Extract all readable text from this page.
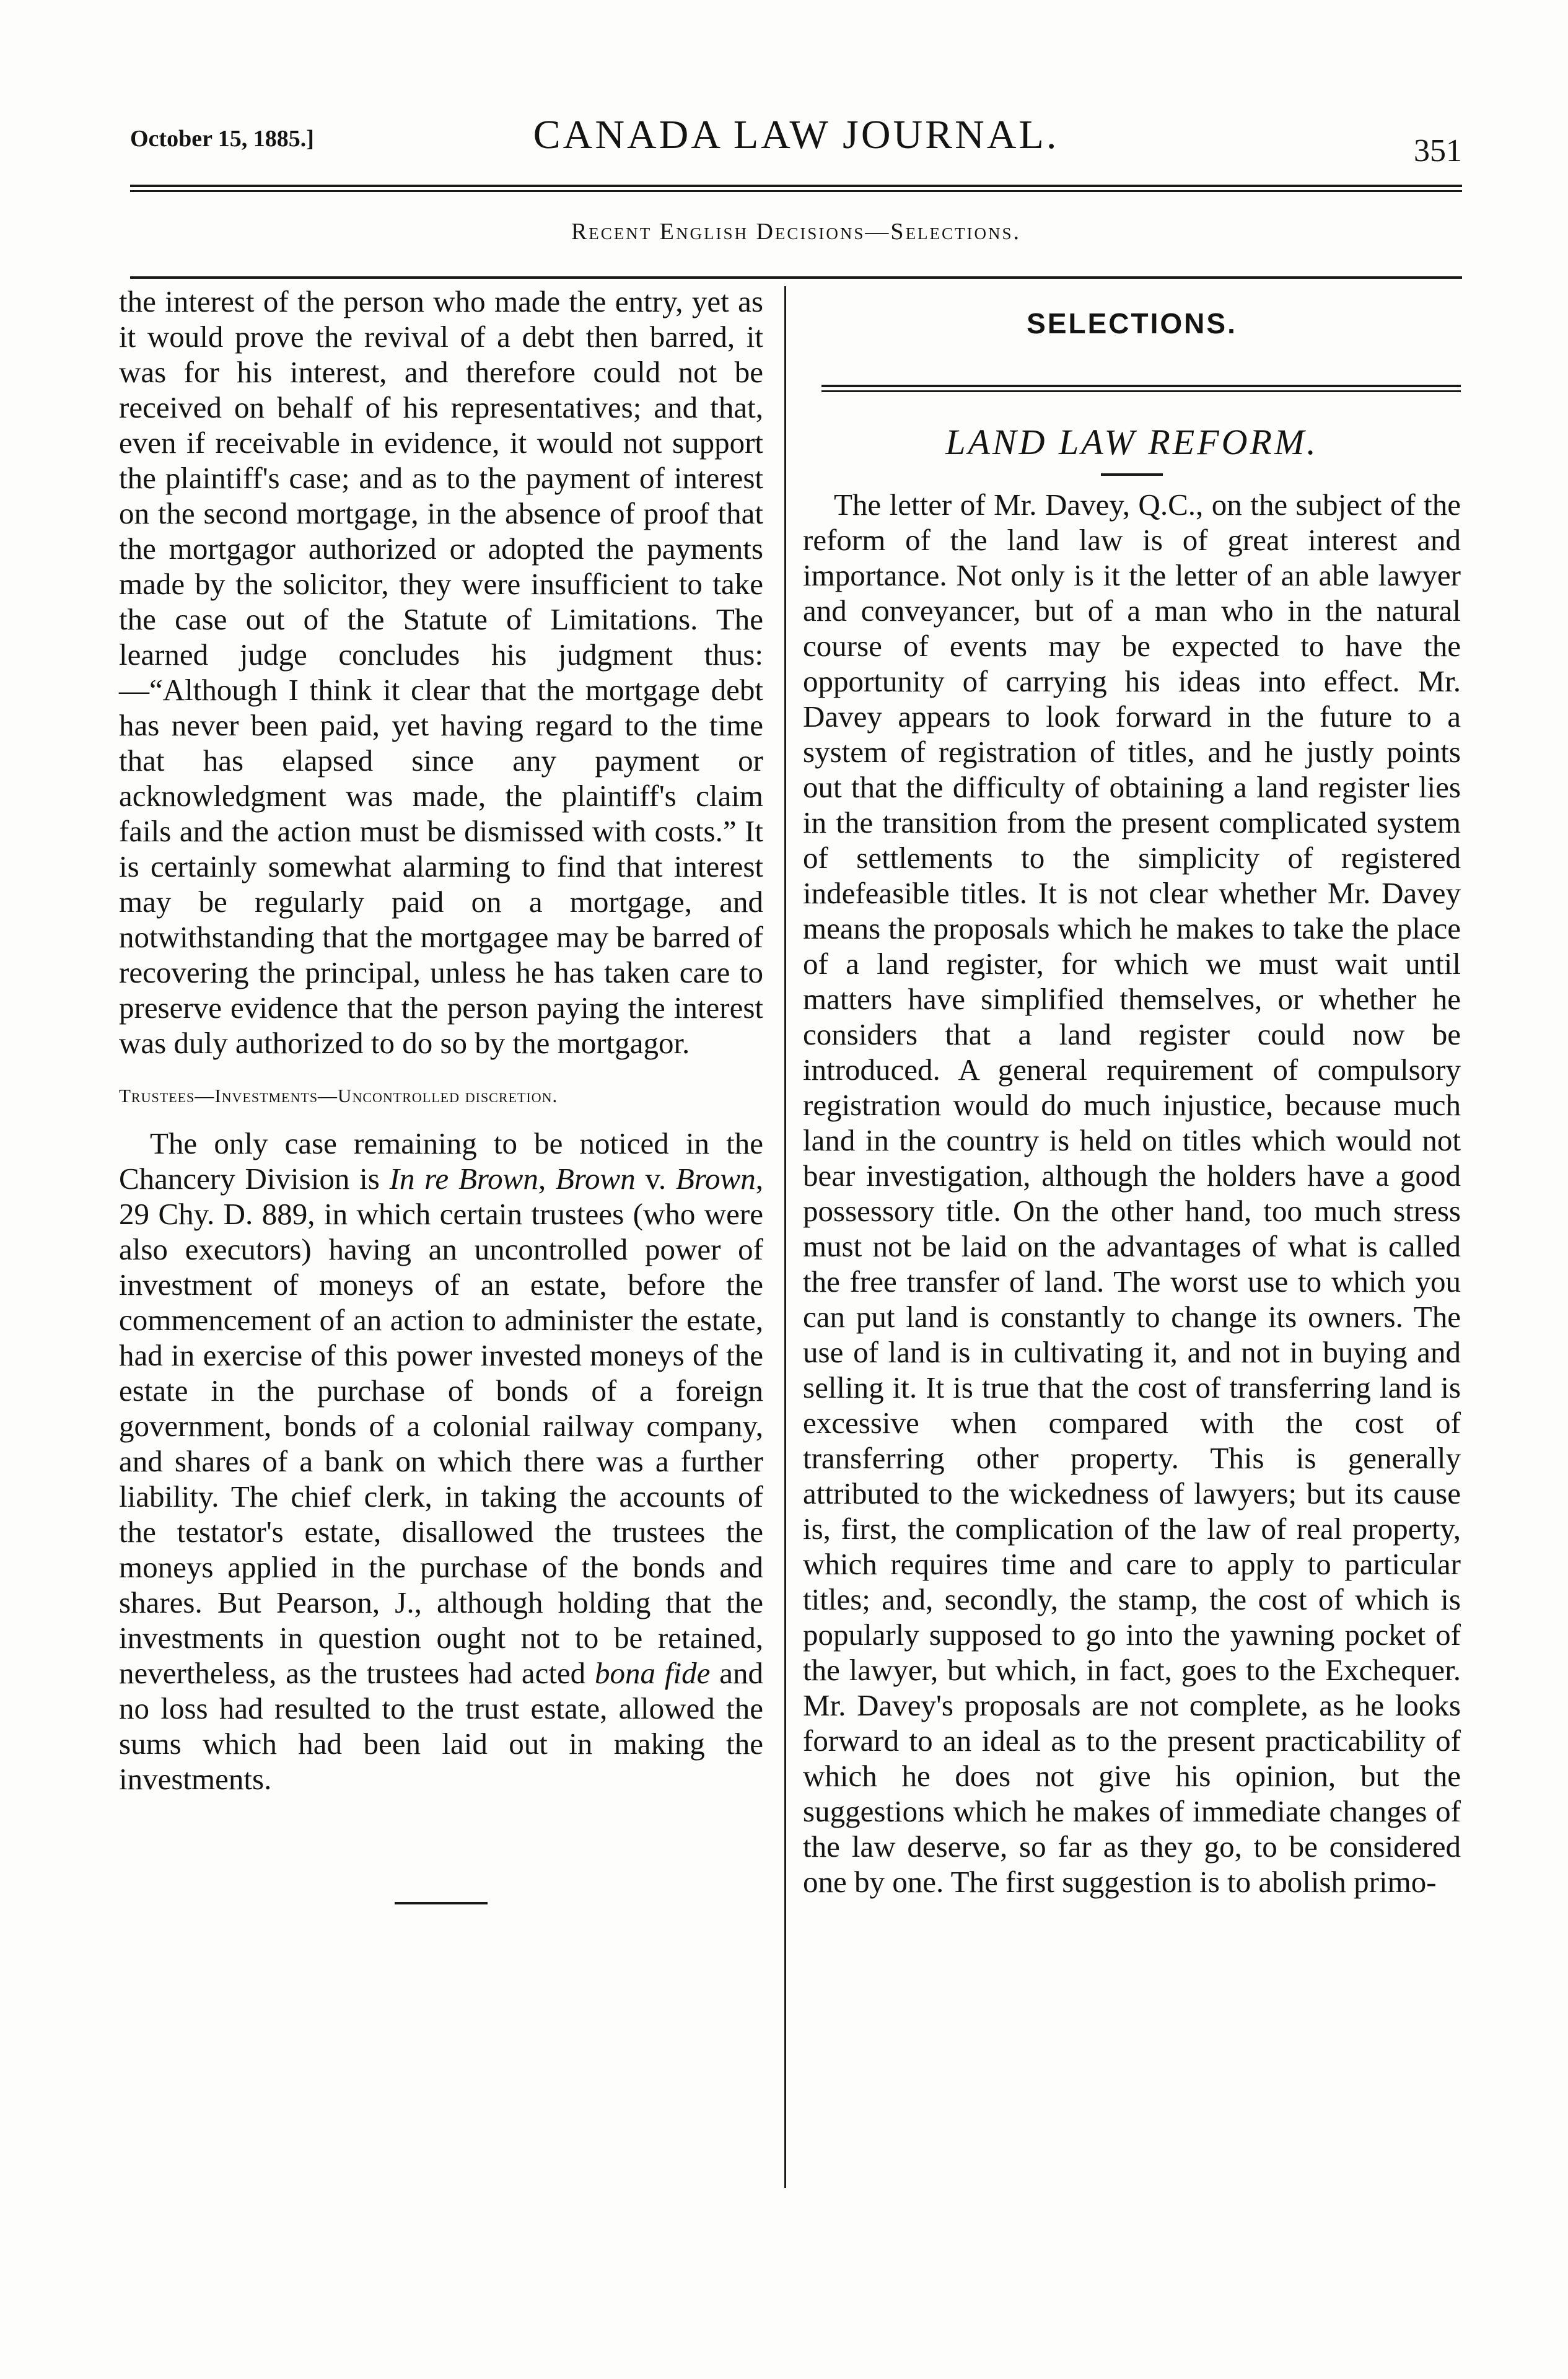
October 15, 1885.]	CANADA LAW JOURNAL.	351
Recent English Decisions—Selections.

the interest of the person who made the entry, yet as it would prove the revival of a debt then barred, it was for his interest, and therefore could not be received on behalf of his representatives; and that, even if receivable in evidence, it would not support the plaintiff's case; and as to the payment of interest on the second mortgage, in the absence of proof that the mortgagor authorized or adopted the payments made by the solicitor, they were insufficient to take the case out of the Statute of Limitations. The learned judge concludes his judgment thus:—“Although I think it clear that the mortgage debt has never been paid, yet having regard to the time that has elapsed since any payment or acknowledgment was made, the plaintiff's claim fails and the action must be dismissed with costs.” It is certainly somewhat alarming to find that interest may be regularly paid on a mortgage, and notwithstanding that the mortgagee may be barred of recovering the principal, unless he has taken care to preserve evidence that the person paying the interest was duly authorized to do so by the mortgagor.

Trustees—Investments—Uncontrolled discretion.

The only case remaining to be noticed in the Chancery Division is In re Brown, Brown v. Brown, 29 Chy. D. 889, in which certain trustees (who were also executors) having an uncontrolled power of investment of moneys of an estate, before the commencement of an action to administer the estate, had in exercise of this power invested moneys of the estate in the purchase of bonds of a foreign government, bonds of a colonial railway company, and shares of a bank on which there was a further liability. The chief clerk, in taking the accounts of the testator's estate, disallowed the trustees the moneys applied in the purchase of the bonds and shares. But Pearson, J., although holding that the investments in question ought not to be retained, nevertheless, as the trustees had acted bona fide and no loss had resulted to the trust estate, allowed the sums which had been laid out in making the investments.

SELECTIONS.
LAND LAW REFORM.

The letter of Mr. Davey, Q.C., on the subject of the reform of the land law is of great interest and importance. Not only is it the letter of an able lawyer and conveyancer, but of a man who in the natural course of events may be expected to have the opportunity of carrying his ideas into effect. Mr. Davey appears to look forward in the future to a system of registration of titles, and he justly points out that the difficulty of obtaining a land register lies in the transition from the present complicated system of settlements to the simplicity of registered indefeasible titles. It is not clear whether Mr. Davey means the proposals which he makes to take the place of a land register, for which we must wait until matters have simplified themselves, or whether he considers that a land register could now be introduced. A general requirement of compulsory registration would do much injustice, because much land in the country is held on titles which would not bear investigation, although the holders have a good possessory title. On the other hand, too much stress must not be laid on the advantages of what is called the free transfer of land. The worst use to which you can put land is constantly to change its owners. The use of land is in cultivating it, and not in buying and selling it. It is true that the cost of transferring land is excessive when compared with the cost of transferring other property. This is generally attributed to the wickedness of lawyers; but its cause is, first, the complication of the law of real property, which requires time and care to apply to particular titles; and, secondly, the stamp, the cost of which is popularly supposed to go into the yawning pocket of the lawyer, but which, in fact, goes to the Exchequer. Mr. Davey's proposals are not complete, as he looks forward to an ideal as to the present practicability of which he does not give his opinion, but the suggestions which he makes of immediate changes of the law deserve, so far as they go, to be considered one by one. The first suggestion is to abolish primo-
